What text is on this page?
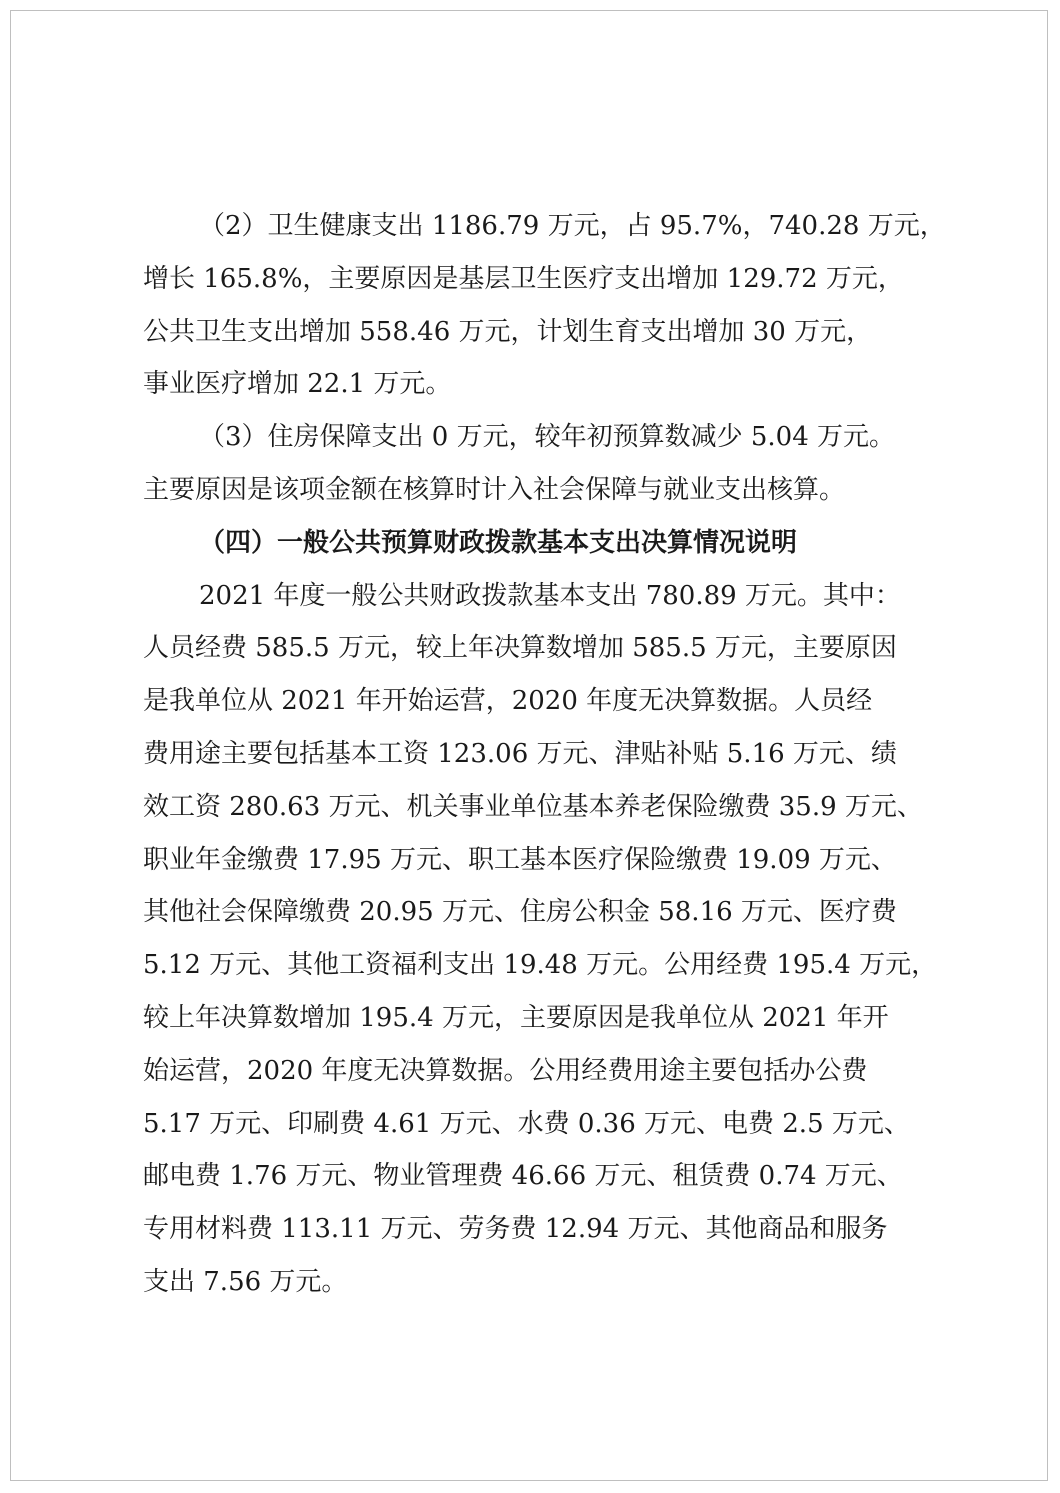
（2）卫生健康支出 1186.79 万元，占 95.7%，740.28 万元，
增长 165.8%，主要原因是基层卫生医疗支出增加 129.72 万元，
公共卫生支出增加 558.46 万元，计划生育支出增加 30 万元，
事业医疗增加 22.1 万元。
（3）住房保障支出 0 万元，较年初预算数减少 5.04 万元。
主要原因是该项金额在核算时计入社会保障与就业支出核算。
（四）一般公共预算财政拨款基本支出决算情况说明
2021 年度一般公共财政拨款基本支出 780.89 万元。其中：
人员经费 585.5 万元，较上年决算数增加 585.5 万元，主要原因
是我单位从 2021 年开始运营，2020 年度无决算数据。人员经
费用途主要包括基本工资 123.06 万元、津贴补贴 5.16 万元、绩
效工资 280.63 万元、机关事业单位基本养老保险缴费 35.9 万元、
职业年金缴费 17.95 万元、职工基本医疗保险缴费 19.09 万元、
其他社会保障缴费 20.95 万元、住房公积金 58.16 万元、医疗费
5.12 万元、其他工资福利支出 19.48 万元。公用经费 195.4 万元，
较上年决算数增加 195.4 万元，主要原因是我单位从 2021 年开
始运营，2020 年度无决算数据。公用经费用途主要包括办公费
5.17 万元、印刷费 4.61 万元、水费 0.36 万元、电费 2.5 万元、
邮电费 1.76 万元、物业管理费 46.66 万元、租赁费 0.74 万元、
专用材料费 113.11 万元、劳务费 12.94 万元、其他商品和服务
支出 7.56 万元。
